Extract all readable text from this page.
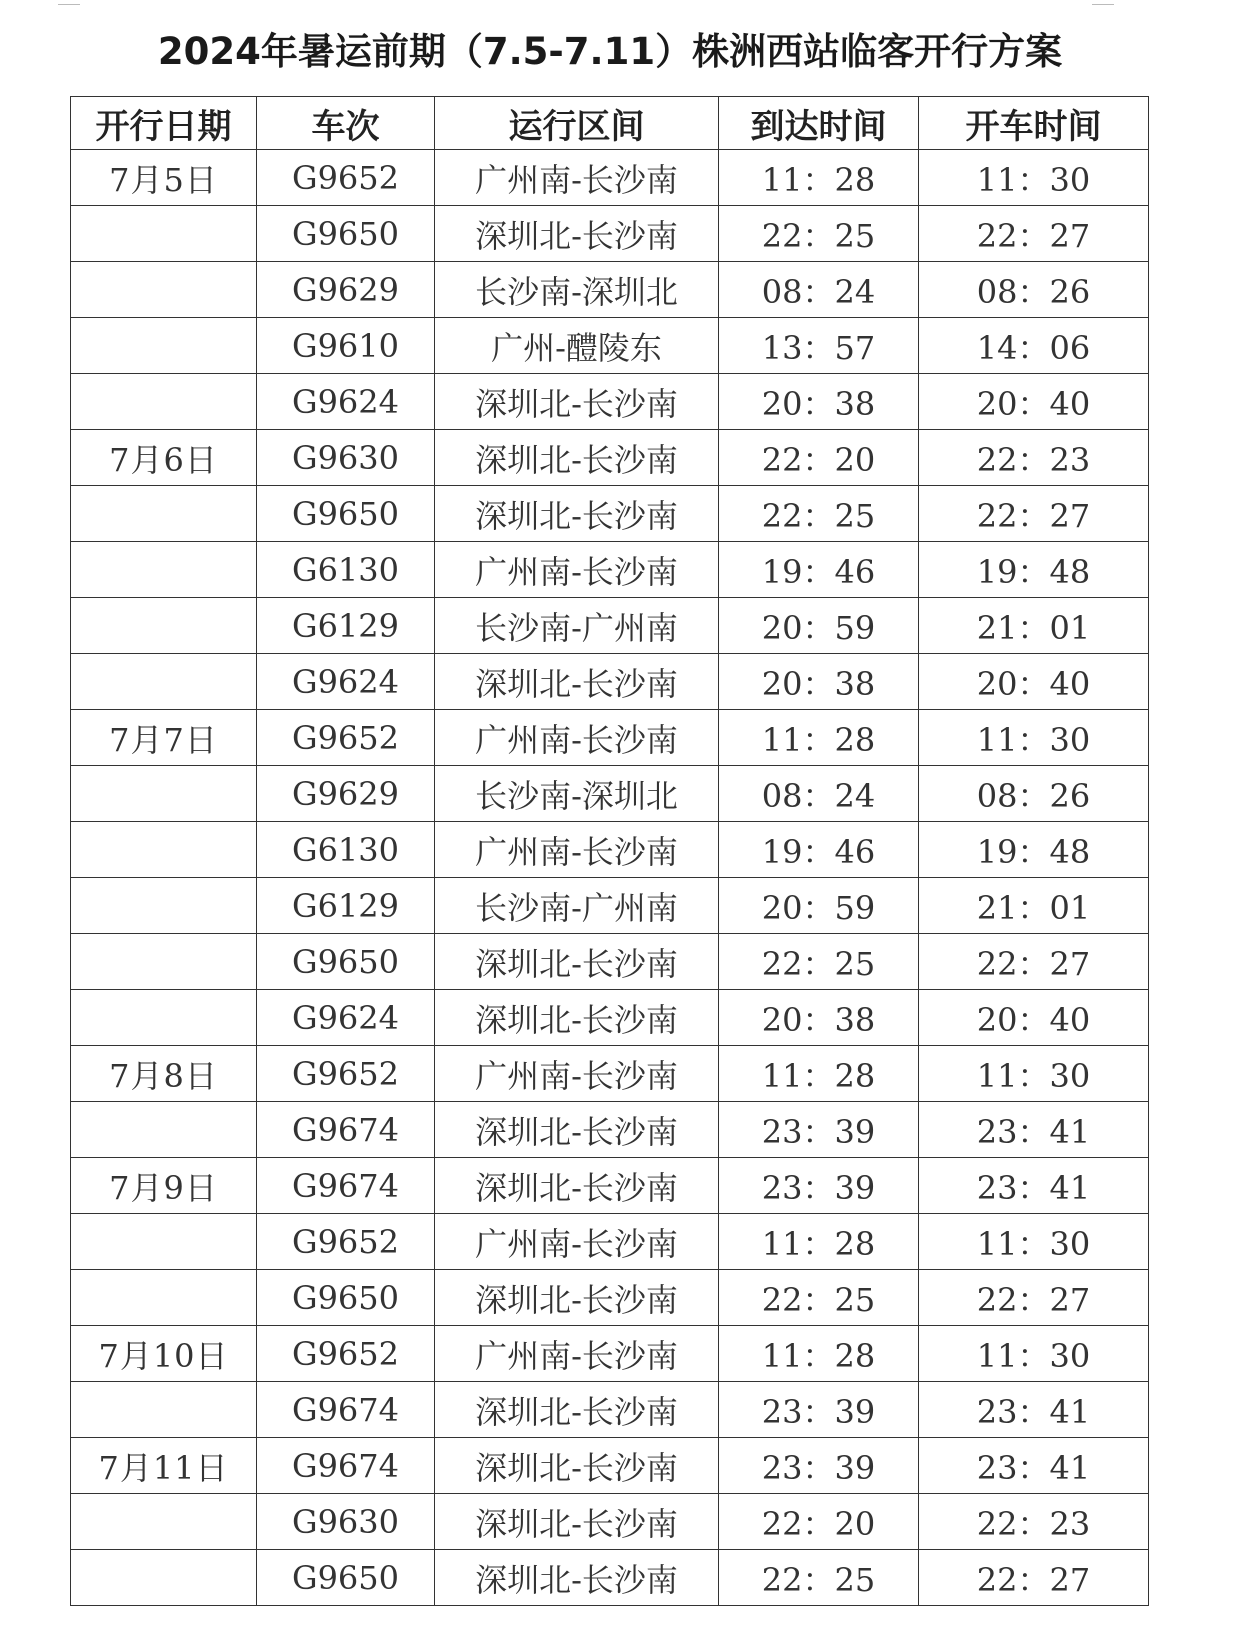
2024年暑运前期（7.5-7.11）株洲西站临客开行方案
开行日期	车次	运行区间	到达时间	开车时间
7月5日	G9652	广州南-长沙南	11：28	11：30
	G9650	深圳北-长沙南	22：25	22：27
	G9629	长沙南-深圳北	08：24	08：26
	G9610	广州-醴陵东	13：57	14：06
	G9624	深圳北-长沙南	20：38	20：40
7月6日	G9630	深圳北-长沙南	22：20	22：23
	G9650	深圳北-长沙南	22：25	22：27
	G6130	广州南-长沙南	19：46	19：48
	G6129	长沙南-广州南	20：59	21：01
	G9624	深圳北-长沙南	20：38	20：40
7月7日	G9652	广州南-长沙南	11：28	11：30
	G9629	长沙南-深圳北	08：24	08：26
	G6130	广州南-长沙南	19：46	19：48
	G6129	长沙南-广州南	20：59	21：01
	G9650	深圳北-长沙南	22：25	22：27
	G9624	深圳北-长沙南	20：38	20：40
7月8日	G9652	广州南-长沙南	11：28	11：30
	G9674	深圳北-长沙南	23：39	23：41
7月9日	G9674	深圳北-长沙南	23：39	23：41
	G9652	广州南-长沙南	11：28	11：30
	G9650	深圳北-长沙南	22：25	22：27
7月10日	G9652	广州南-长沙南	11：28	11：30
	G9674	深圳北-长沙南	23：39	23：41
7月11日	G9674	深圳北-长沙南	23：39	23：41
	G9630	深圳北-长沙南	22：20	22：23
	G9650	深圳北-长沙南	22：25	22：27
